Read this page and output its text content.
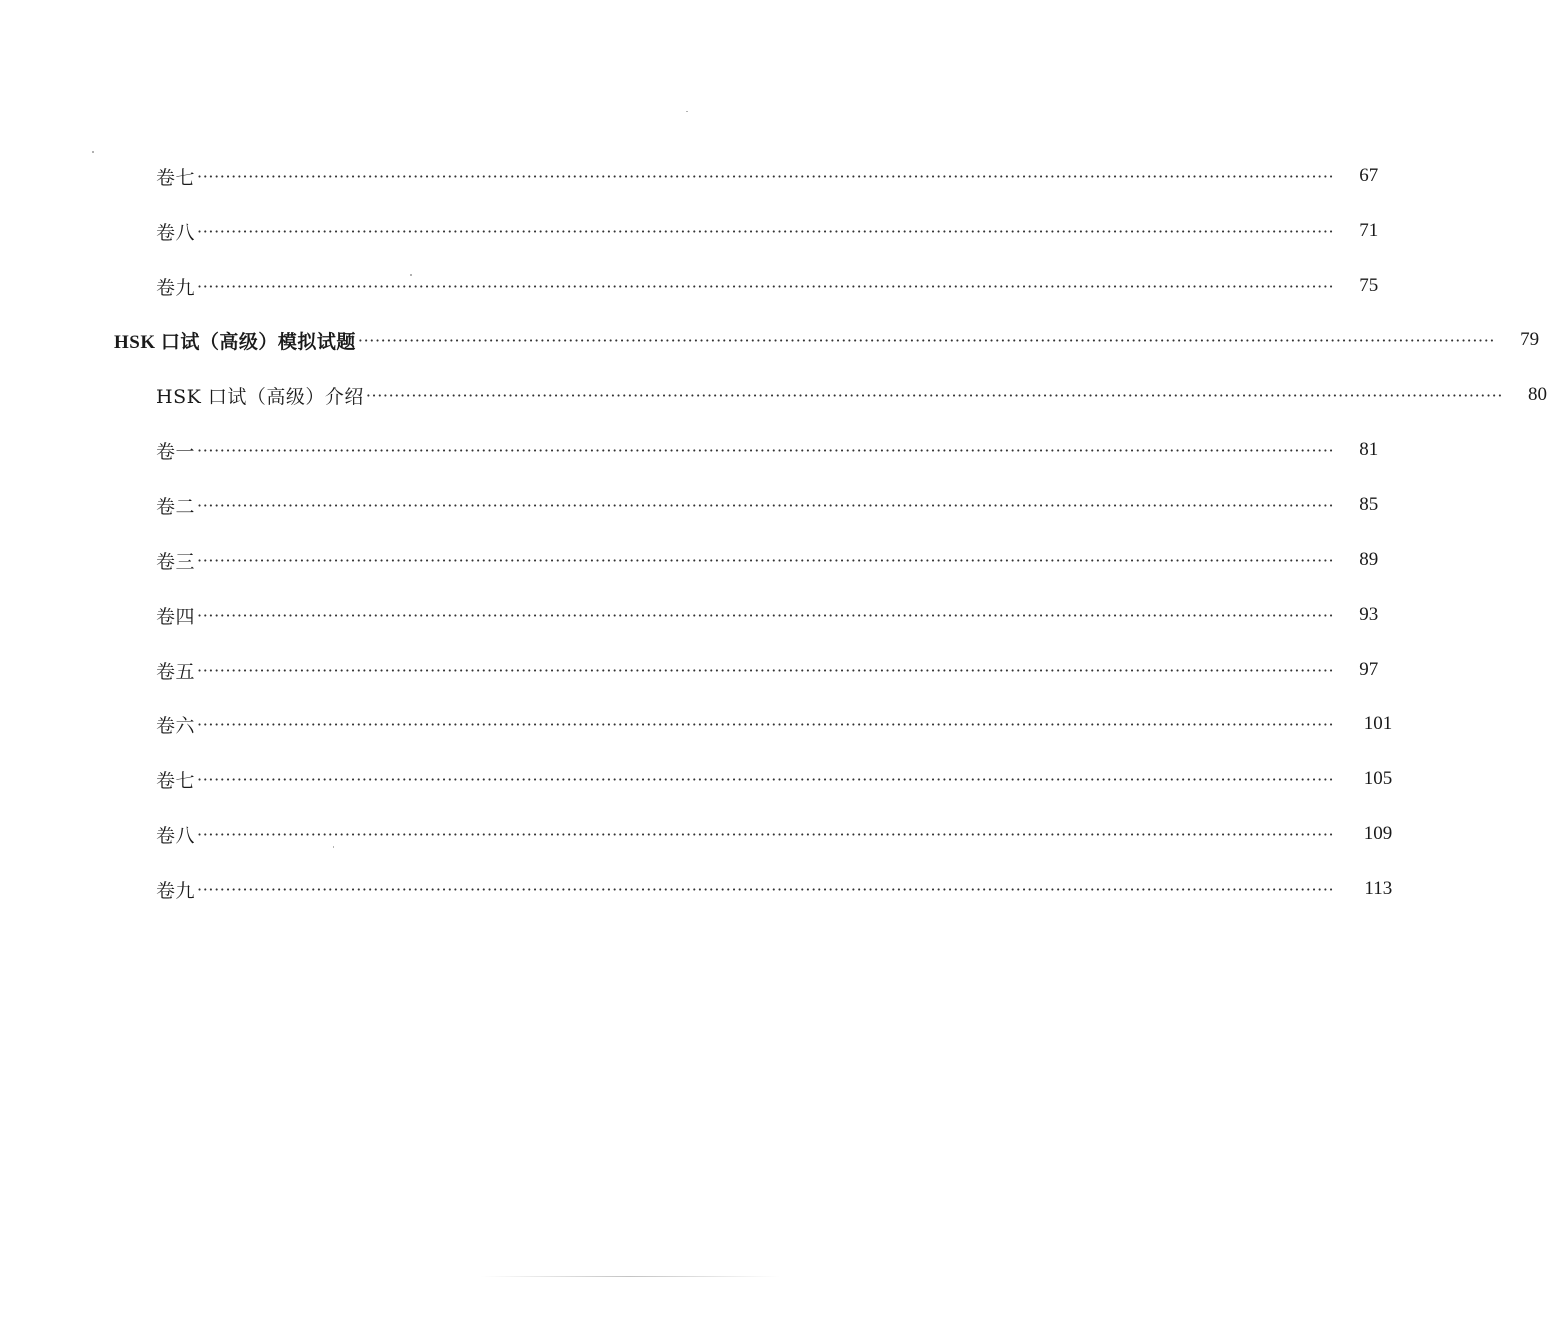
卷七 ········································································································································································································	67
卷八 ········································································································································································································	71
卷九 ········································································································································································································	75
HSK 口试（高级）模拟试题 ········································································································································································································	79
HSK 口试（高级）介绍 ········································································································································································································	80
卷一 ········································································································································································································	81
卷二 ········································································································································································································	85
卷三 ········································································································································································································	89
卷四 ········································································································································································································	93
卷五 ········································································································································································································	97
卷六 ········································································································································································································	101
卷七 ········································································································································································································	105
卷八 ········································································································································································································	109
卷九 ········································································································································································································	113
